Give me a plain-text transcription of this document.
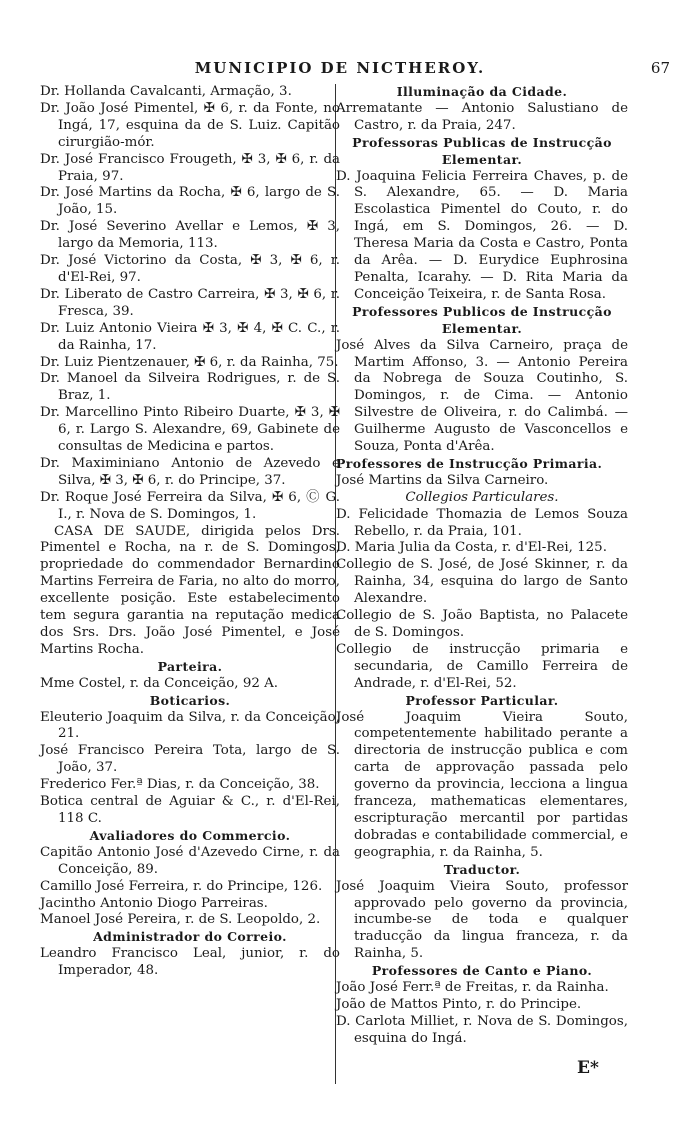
MUNICIPIO DE NICTHEROY.	67
Dr. Hollanda Cavalcanti, Armação, 3.
Dr. João José Pimentel, ✠ 6, r. da Fonte, no Ingá, 17, esquina da de S. Luiz. Capitão cirurgião-mór.
Dr. José Francisco Frougeth, ✠ 3, ✠ 6, r. da Praia, 97.
Dr. José Martins da Rocha, ✠ 6, largo de S. João, 15.
Dr. José Severino Avellar e Lemos, ✠ 3, largo da Memoria, 113.
Dr. José Victorino da Costa, ✠ 3, ✠ 6, r. d'El-Rei, 97.
Dr. Liberato de Castro Carreira, ✠ 3, ✠ 6, r. Fresca, 39.
Dr. Luiz Antonio Vieira ✠ 3, ✠ 4, ✠ C. C., r. da Rainha, 17.
Dr. Luiz Pientzenauer, ✠ 6, r. da Rainha, 75.
Dr. Manoel da Silveira Rodrigues, r. de S. Braz, 1.
Dr. Marcellino Pinto Ribeiro Duarte, ✠ 3, ✠ 6, r. Largo S. Alexandre, 69, Gabinete de consultas de Medicina e partos.
Dr. Maximiniano Antonio de Azevedo e Silva, ✠ 3, ✠ 6, r. do Principe, 37.
Dr. Roque José Ferreira da Silva, ✠ 6, Ⓒ G. I., r. Nova de S. Domingos, 1.
CASA DE SAUDE, dirigida pelos Drs. Pimentel e Rocha, na r. de S. Domingos, propriedade do commendador Bernardino Martins Ferreira de Faria, no alto do morro, excellente posição. Este estabelecimento tem segura garantia na reputação medica dos Srs. Drs. João José Pimentel, e José Martins Rocha.
Parteira.
Mme Costel, r. da Conceição, 92 A.
Boticarios.
Eleuterio Joaquim da Silva, r. da Conceição, 21.
José Francisco Pereira Tota, largo de S. João, 37.
Frederico Fer.ª Dias, r. da Conceição, 38.
Botica central de Aguiar & C., r. d'El-Rei, 118 C.
Avaliadores do Commercio.
Capitão Antonio José d'Azevedo Cirne, r. da Conceição, 89.
Camillo José Ferreira, r. do Principe, 126.
Jacintho Antonio Diogo Parreiras.
Manoel José Pereira, r. de S. Leopoldo, 2.
Administrador do Correio.
Leandro Francisco Leal, junior, r. do Imperador, 48.
Illuminação da Cidade.
Arrematante — Antonio Salustiano de Castro, r. da Praia, 247.
Professoras Publicas de Instrucção Elementar.
D. Joaquina Felicia Ferreira Chaves, p. de S. Alexandre, 65. — D. Maria Escolastica Pimentel do Couto, r. do Ingá, em S. Domingos, 26. — D. Theresa Maria da Costa e Castro, Ponta da Arêa. — D. Eurydice Euphrosina Penalta, Icarahy. — D. Rita Maria da Conceição Teixeira, r. de Santa Rosa.
Professores Publicos de Instrucção Elementar.
José Alves da Silva Carneiro, praça de Martim Affonso, 3. — Antonio Pereira da Nobrega de Souza Coutinho, S. Domingos, r. de Cima. — Antonio Silvestre de Oliveira, r. do Calimbá. — Guilherme Augusto de Vasconcellos e Souza, Ponta d'Arêa.
Professores de Instrucção Primaria.
José Martins da Silva Carneiro.
Collegios Particulares.
D. Felicidade Thomazia de Lemos Souza Rebello, r. da Praia, 101.
D. Maria Julia da Costa, r. d'El-Rei, 125.
Collegio de S. José, de José Skinner, r. da Rainha, 34, esquina do largo de Santo Alexandre.
Collegio de S. João Baptista, no Palacete de S. Domingos.
Collegio de instrucção primaria e secundaria, de Camillo Ferreira de Andrade, r. d'El-Rei, 52.
Professor Particular.
José Joaquim Vieira Souto, competentemente habilitado perante a directoria de instrucção publica e com carta de approvação passada pelo governo da provincia, lecciona a lingua franceza, mathematicas elementares, escripturação mercantil por partidas dobradas e contabilidade commercial, e geographia, r. da Rainha, 5.
Traductor.
José Joaquim Vieira Souto, professor approvado pelo governo da provincia, incumbe-se de toda e qualquer traducção da lingua franceza, r. da Rainha, 5.
Professores de Canto e Piano.
João José Ferr.ª de Freitas, r. da Rainha.
João de Mattos Pinto, r. do Principe.
D. Carlota Milliet, r. Nova de S. Domingos, esquina do Ingá.
E*
